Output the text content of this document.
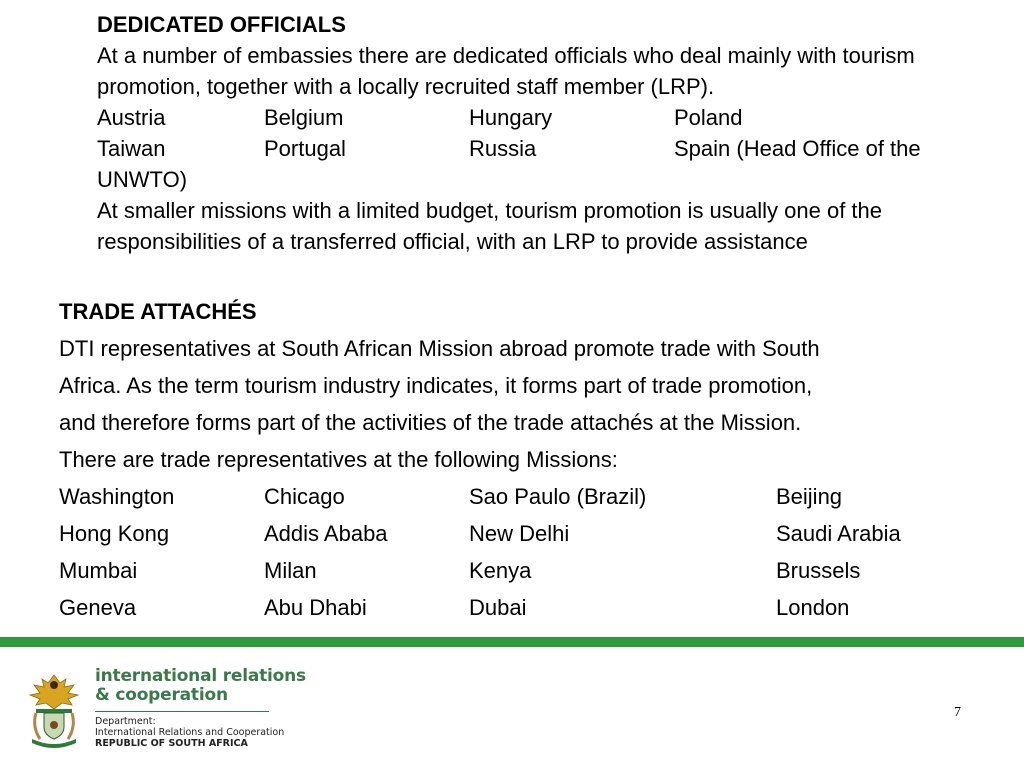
DEDICATED OFFICIALS

At a number of embassies there are dedicated officials who deal mainly with tourism promotion, together with a locally recruited staff member (LRP).

Austria	Belgium	Hungary	Poland
Taiwan	Portugal	Russia	Spain (Head Office of the
UNWTO)

At smaller missions with a limited budget, tourism promotion is usually one of the responsibilities of a transferred official, with an LRP to provide assistance

TRADE ATTACHÉS
DTI representatives at South African Mission abroad promote trade with South
Africa. As the term tourism industry indicates, it forms part of trade promotion,
and therefore forms part of the activities of the trade attachés at the Mission.
There are trade representatives at the following Missions:
Washington	Chicago	Sao Paulo (Brazil)	Beijing
Hong Kong	Addis Ababa	New Delhi	Saudi Arabia
Mumbai	Milan	Kenya	Brussels
Geneva	Abu Dhabi	Dubai	London
international relations
& cooperation
Department:
International Relations and Cooperation
REPUBLIC OF SOUTH AFRICA
7
